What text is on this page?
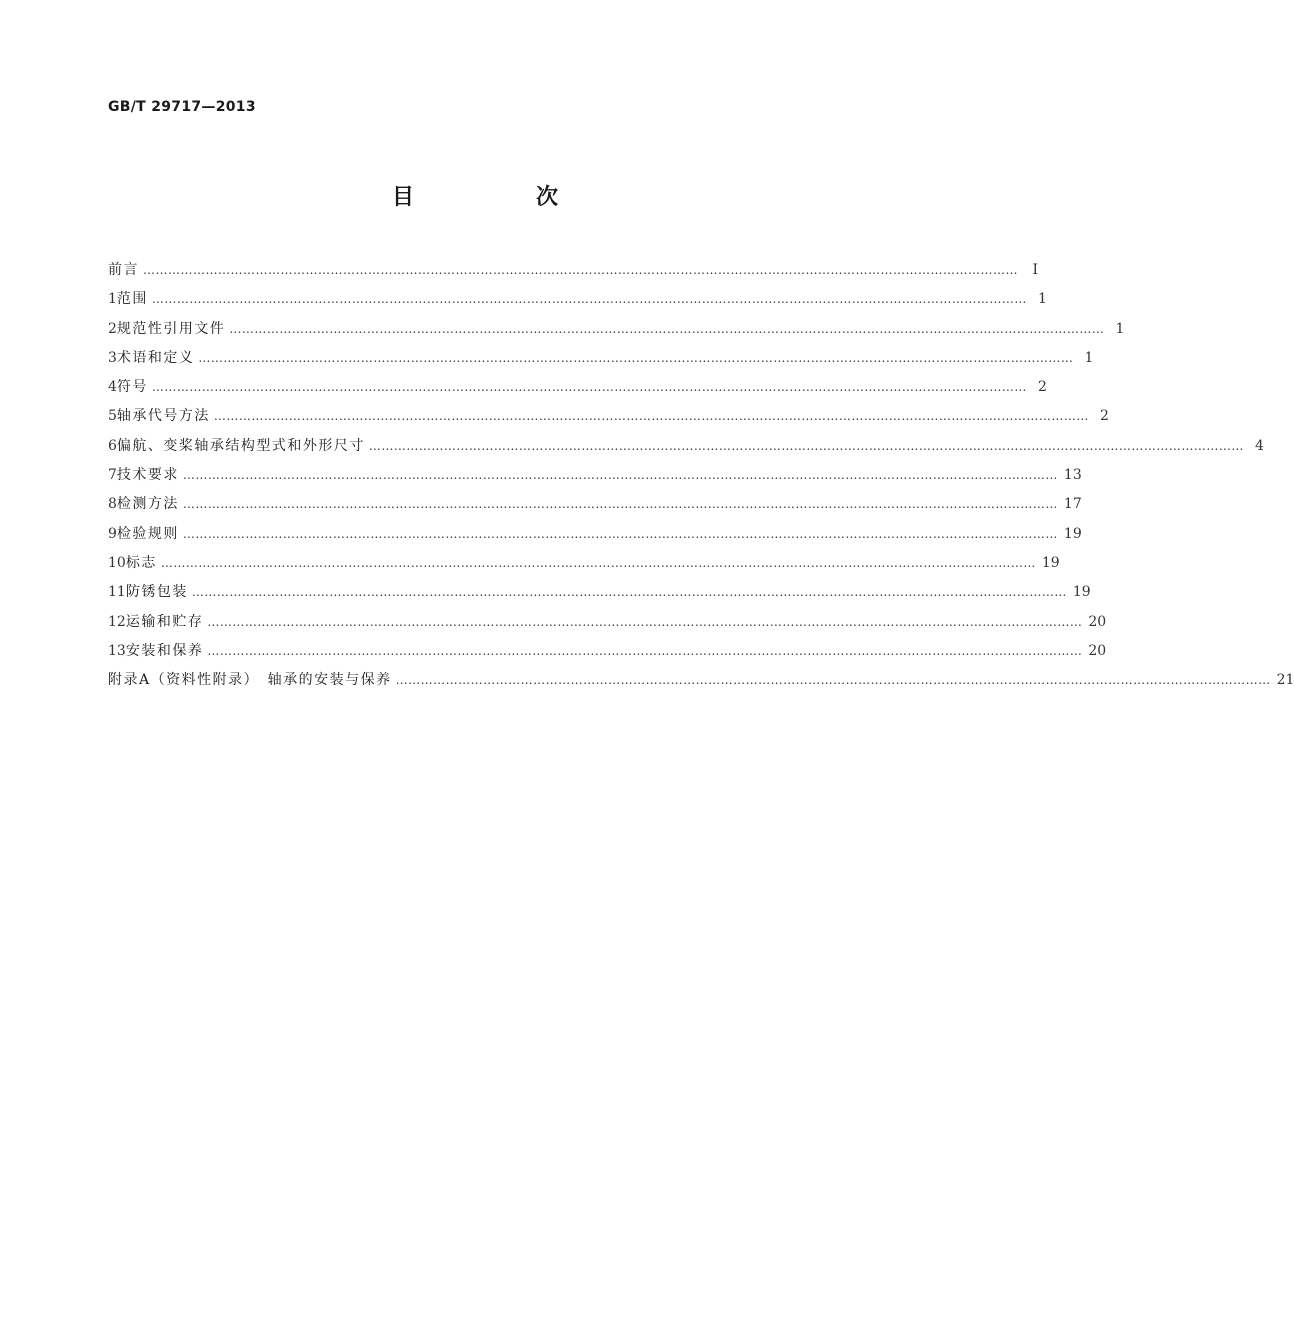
GB/T 29717—2013
目　次
前言 …………………………………………………………………………………………………………………………………………………………………………………………	Ⅰ
1 范围 ………………………………………………………………………………………………………………………………………………………………………………………… 1
2 规范性引用文件 ………………………………………………………………………………………………………………………………………………………………………………………… 1
3 术语和定义 ………………………………………………………………………………………………………………………………………………………………………………………… 1
4 符号 ………………………………………………………………………………………………………………………………………………………………………………………… 2
5 轴承代号方法 ………………………………………………………………………………………………………………………………………………………………………………………… 2
6 偏航、变桨轴承结构型式和外形尺寸 ………………………………………………………………………………………………………………………………………………………………………………………… 4
7 技术要求 ………………………………………………………………………………………………………………………………………………………………………………………… 13
8 检测方法 ………………………………………………………………………………………………………………………………………………………………………………………… 17
9 检验规则 ………………………………………………………………………………………………………………………………………………………………………………………… 19
10 标志 ………………………………………………………………………………………………………………………………………………………………………………………… 19
11 防锈包装 ………………………………………………………………………………………………………………………………………………………………………………………… 19
12 运输和贮存 ………………………………………………………………………………………………………………………………………………………………………………………… 20
13 安装和保养 ………………………………………………………………………………………………………………………………………………………………………………………… 20
附录A（资料性附录）　轴承的安装与保养 ………………………………………………………………………………………………………………………………………………………………………………………… 21
